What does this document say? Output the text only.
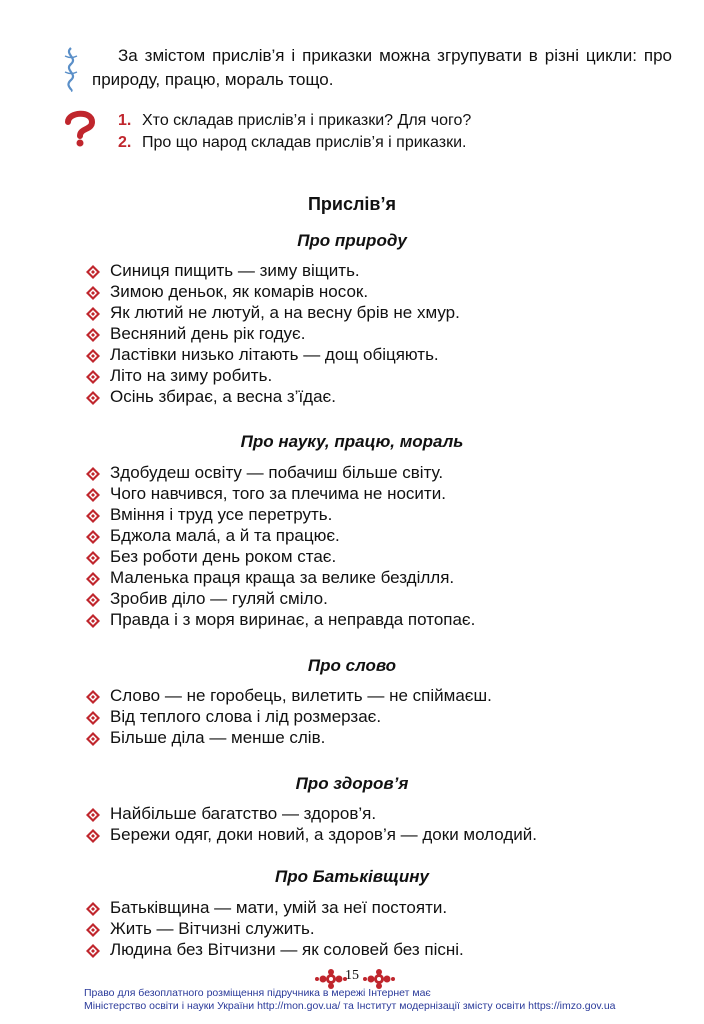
За змістом прислів’я і приказки можна згрупувати в різні цикли: про природу, працю, мораль тощо.
1. Хто складав прислів’я і приказки? Для чого?
2. Про що народ складав прислів’я і приказки.
Прислів’я
Про природу
Синиця пищить — зиму віщить.
Зимою деньок, як комарів носок.
Як лютий не лютуй, а на весну брів не хмур.
Весняний день рік годує.
Ластівки низько літають — дощ обіцяють.
Літо на зиму робить.
Осінь збирає, а весна з’їдає.
Про науку, працю, мораль
Здобудеш освіту — побачиш більше світу.
Чого навчився, того за плечима не носити.
Вміння і труд усе перетруть.
Бджола малá, а й та працює.
Без роботи день роком стає.
Маленька праця краща за велике безділля.
Зробив діло — гуляй сміло.
Правда і з моря виринає, а неправда потопає.
Про слово
Слово — не горобець, вилетить — не спіймаєш.
Від теплого слова і лід розмерзає.
Більше діла — менше слів.
Про здоров’я
Найбільше багатство — здоров’я.
Бережи одяг, доки новий, а здоров’я — доки молодий.
Про Батьківщину
Батьківщина — мати, умій за неї постояти.
Жить — Вітчизні служить.
Людина без Вітчизни — як соловей без пісні.
15
Право для безоплатного розміщення підручника в мережі Інтернет має
Міністерство освіти і науки України http://mon.gov.ua/ та Інститут модернізації змісту освіти https://imzo.gov.ua
